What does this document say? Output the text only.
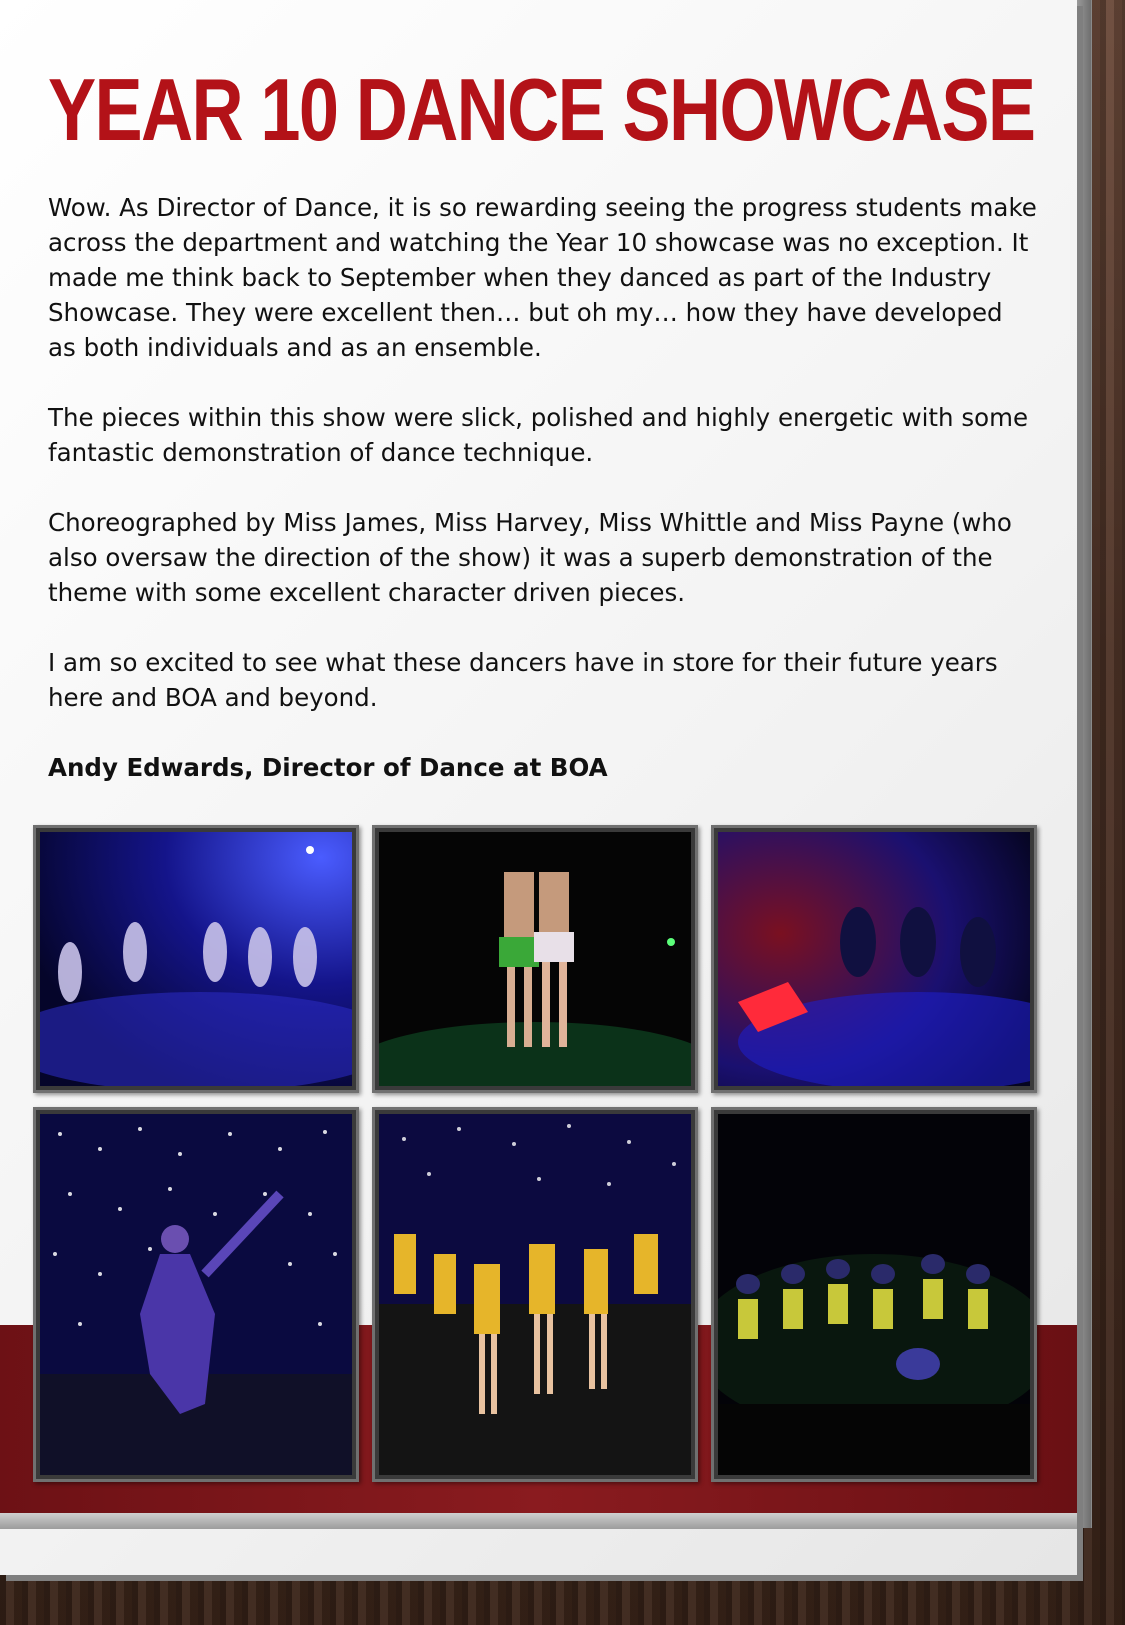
YEAR 10 DANCE SHOWCASE

Wow. As Director of Dance, it is so rewarding seeing the progress students make across the department and watching the Year 10 showcase was no exception. It made me think back to September when they danced as part of the Industry Showcase. They were excellent then… but oh my… how they have developed as both individuals and as an ensemble.

The pieces within this show were slick, polished and highly energetic with some fantastic demonstration of dance technique.

Choreographed by Miss James, Miss Harvey, Miss Whittle and Miss Payne (who also oversaw the direction of the show) it was a superb demonstration of the theme with some excellent character driven pieces.

I am so excited to see what these dancers have in store for their future years here and BOA and beyond.

Andy Edwards, Director of Dance at BOA
